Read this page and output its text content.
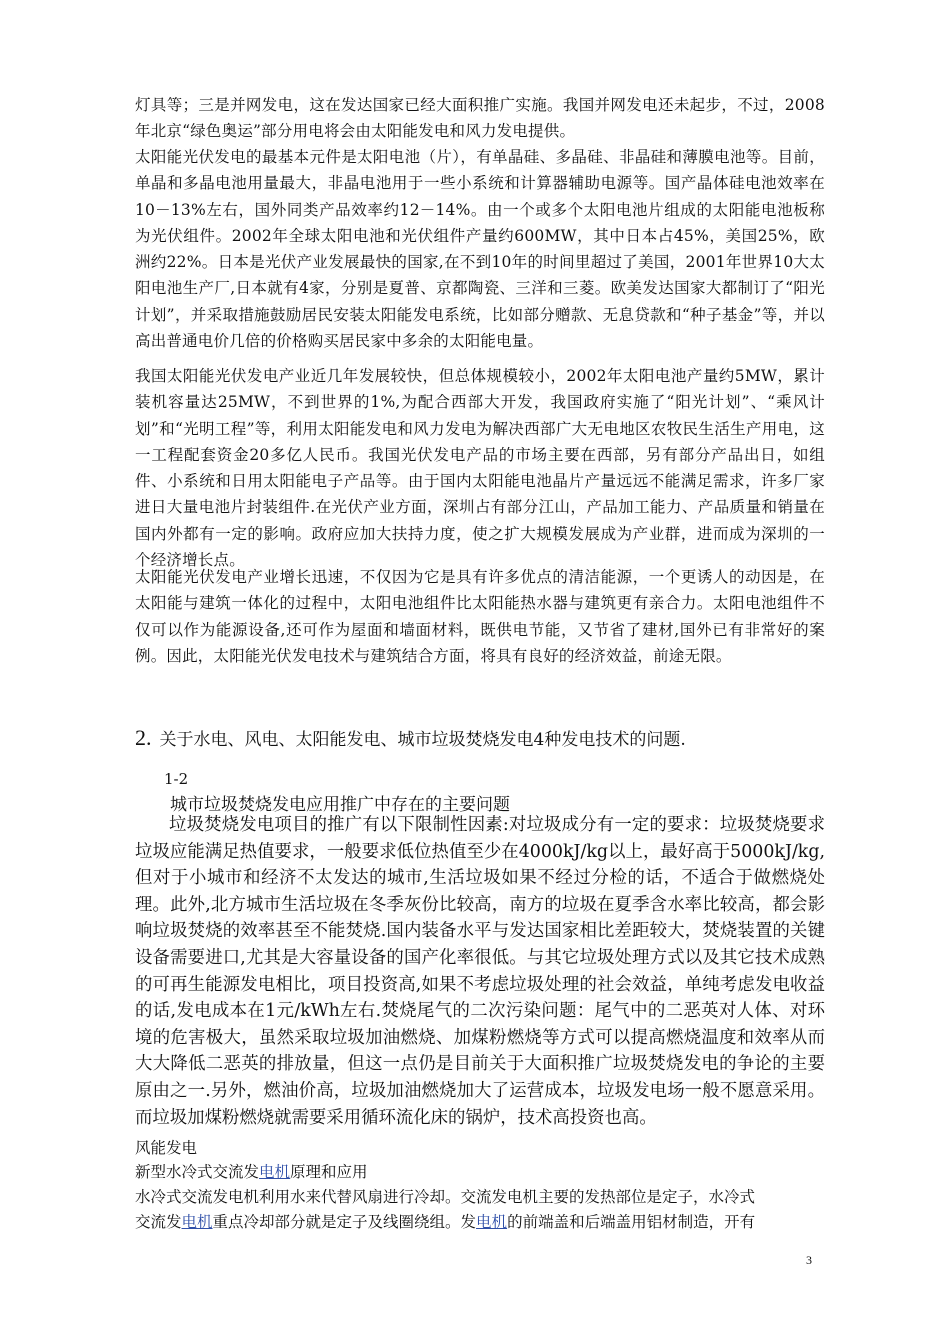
灯具等；三是并网发电，这在发达国家已经大面积推广实施。我国并网发电还未起步，不过，2008年北京“绿色奥运”部分用电将会由太阳能发电和风力发电提供。

太阳能光伏发电的最基本元件是太阳电池（片），有单晶硅、多晶硅、非晶硅和薄膜电池等。目前，单晶和多晶电池用量最大，非晶电池用于一些小系统和计算器辅助电源等。国产晶体硅电池效率在10－13%左右，国外同类产品效率约12－14%。由一个或多个太阳电池片组成的太阳能电池板称为光伏组件。2002年全球太阳电池和光伏组件产量约600MW，其中日本占45%，美国25%，欧洲约22%。日本是光伏产业发展最快的国家,在不到10年的时间里超过了美国，2001年世界10大太阳电池生产厂,日本就有4家，分别是夏普、京都陶瓷、三洋和三菱。欧美发达国家大都制订了“阳光计划”，并采取措施鼓励居民安装太阳能发电系统，比如部分赠款、无息贷款和“种子基金”等，并以高出普通电价几倍的价格购买居民家中多余的太阳能电量。

我国太阳能光伏发电产业近几年发展较快，但总体规模较小，2002年太阳电池产量约5MW，累计装机容量达25MW，不到世界的1%,为配合西部大开发，我国政府实施了“阳光计划”、“乘风计划”和“光明工程”等，利用太阳能发电和风力发电为解决西部广大无电地区农牧民生活生产用电，这一工程配套资金20多亿人民币。我国光伏发电产品的市场主要在西部，另有部分产品出日，如组件、小系统和日用太阳能电子产品等。由于国内太阳能电池晶片产量远远不能满足需求，许多厂家进日大量电池片封装组件.在光伏产业方面，深圳占有部分江山，产品加工能力、产品质量和销量在国内外都有一定的影响。政府应加大扶持力度，使之扩大规模发展成为产业群，进而成为深圳的一个经济增长点。

太阳能光伏发电产业增长迅速，不仅因为它是具有许多优点的清洁能源，一个更诱人的动因是，在太阳能与建筑一体化的过程中，太阳电池组件比太阳能热水器与建筑更有亲合力。太阳电池组件不仅可以作为能源设备,还可作为屋面和墙面材料，既供电节能，又节省了建材,国外已有非常好的案例。因此，太阳能光伏发电技术与建筑结合方面，将具有良好的经济效益，前途无限。

2. 关于水电、风电、太阳能发电、城市垃圾焚烧发电4种发电技术的问题.
1-2
城市垃圾焚烧发电应用推广中存在的主要问题

垃圾焚烧发电项目的推广有以下限制性因素:对垃圾成分有一定的要求：垃圾焚烧要求垃圾应能满足热值要求，一般要求低位热值至少在4000kJ/kg以上，最好高于5000kJ/kg,但对于小城市和经济不太发达的城市,生活垃圾如果不经过分检的话，不适合于做燃烧处理。此外,北方城市生活垃圾在冬季灰份比较高，南方的垃圾在夏季含水率比较高，都会影响垃圾焚烧的效率甚至不能焚烧.国内装备水平与发达国家相比差距较大，焚烧装置的关键设备需要进口,尤其是大容量设备的国产化率很低。与其它垃圾处理方式以及其它技术成熟的可再生能源发电相比，项目投资高,如果不考虑垃圾处理的社会效益，单纯考虑发电收益的话,发电成本在1元/kWh左右.焚烧尾气的二次污染问题：尾气中的二恶英对人体、对环境的危害极大，虽然采取垃圾加油燃烧、加煤粉燃烧等方式可以提高燃烧温度和效率从而大大降低二恶英的排放量，但这一点仍是目前关于大面积推广垃圾焚烧发电的争论的主要原由之一.另外，燃油价高，垃圾加油燃烧加大了运营成本，垃圾发电场一般不愿意采用。而垃圾加煤粉燃烧就需要采用循环流化床的锅炉，技术高投资也高。

风能发电
新型水冷式交流发电机原理和应用
水冷式交流发电机利用水来代替风扇进行冷却。交流发电机主要的发热部位是定子，水冷式
交流发电机重点冷却部分就是定子及线圈绕组。发电机的前端盖和后端盖用铝材制造，开有
3
